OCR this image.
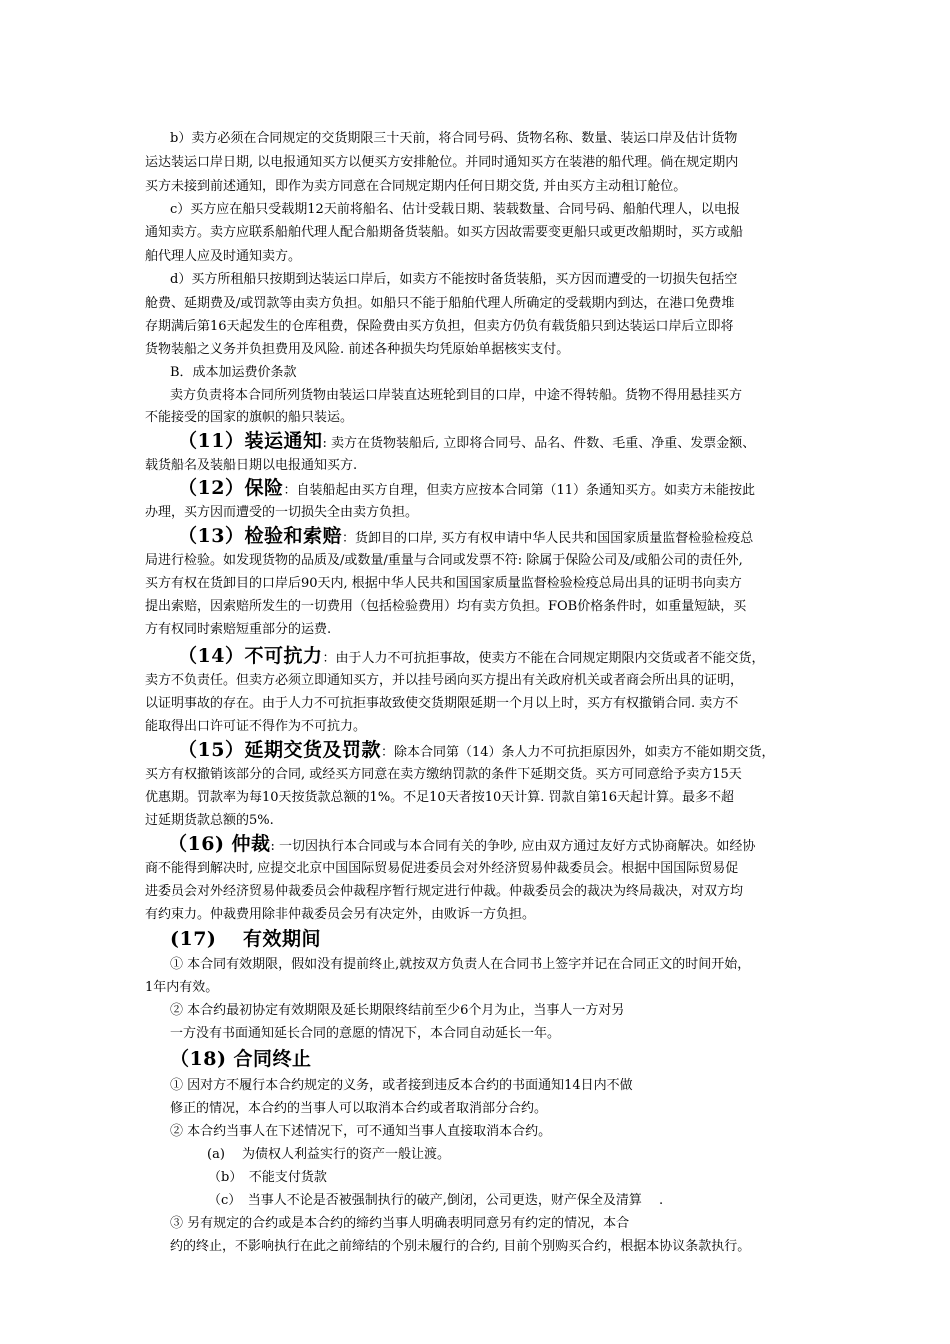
b）卖方必须在合同规定的交货期限三十天前，将合同号码、货物名称、数量、装运口岸及估计货物
运达装运口岸日期, 以电报通知买方以便买方安排舱位。并同时通知买方在装港的船代理。倘在规定期内
买方未接到前述通知，即作为卖方同意在合同规定期内任何日期交货, 并由买方主动租订舱位。
c）买方应在船只受载期12天前将船名、估计受载日期、装载数量、合同号码、船舶代理人，以电报
通知卖方。卖方应联系船舶代理人配合船期备货装船。如买方因故需要变更船只或更改船期时，买方或船
舶代理人应及时通知卖方。
d）买方所租船只按期到达装运口岸后，如卖方不能按时备货装船，买方因而遭受的一切损失包括空
舱费、延期费及/或罚款等由卖方负担。如船只不能于船舶代理人所确定的受载期内到达，在港口免费堆
存期满后第16天起发生的仓库租费，保险费由买方负担，但卖方仍负有载货船只到达装运口岸后立即将
货物装船之义务并负担费用及风险. 前述各种损失均凭原始单据核实支付。
B．成本加运费价条款
卖方负责将本合同所列货物由装运口岸装直达班轮到目的口岸，中途不得转船。货物不得用悬挂买方
不能接受的国家的旗帜的船只装运。
（11）装运通知: 卖方在货物装船后, 立即将合同号、品名、件数、毛重、净重、发票金额、
载货船名及装船日期以电报通知买方.
（12）保险：自装船起由买方自理，但卖方应按本合同第（11）条通知买方。如卖方未能按此
办理，买方因而遭受的一切损失全由卖方负担。
（13）检验和索赔：货卸目的口岸, 买方有权申请中华人民共和国国家质量监督检验检疫总
局进行检验。如发现货物的品质及/或数量/重量与合同或发票不符: 除属于保险公司及/或船公司的责任外,
买方有权在货卸目的口岸后90天内, 根据中华人民共和国国家质量监督检验检疫总局出具的证明书向卖方
提出索赔，因索赔所发生的一切费用（包括检验费用）均有卖方负担。FOB价格条件时，如重量短缺，买
方有权同时索赔短重部分的运费.
（14）不可抗力：由于人力不可抗拒事故，使卖方不能在合同规定期限内交货或者不能交货，
卖方不负责任。但卖方必须立即通知买方，并以挂号函向买方提出有关政府机关或者商会所出具的证明，
以证明事故的存在。由于人力不可抗拒事故致使交货期限延期一个月以上时，买方有权撤销合同. 卖方不
能取得出口许可证不得作为不可抗力。
（15）延期交货及罚款：除本合同第（14）条人力不可抗拒原因外，如卖方不能如期交货，
买方有权撤销该部分的合同, 或经买方同意在卖方缴纳罚款的条件下延期交货。买方可同意给予卖方15天
优惠期。罚款率为每10天按货款总额的1%。不足10天者按10天计算. 罚款自第16天起计算。最多不超
过延期货款总额的5%.
（16) 仲裁: 一切因执行本合同或与本合同有关的争吵, 应由双方通过友好方式协商解决。如经协
商不能得到解决时, 应提交北京中国国际贸易促进委员会对外经济贸易仲裁委员会。根据中国国际贸易促
进委员会对外经济贸易仲裁委员会仲裁程序暂行规定进行仲裁。仲裁委员会的裁决为终局裁决，对双方均
有约束力。仲裁费用除非仲裁委员会另有决定外，由败诉一方负担。
(17)　 有效期间
① 本合同有效期限，假如没有提前终止,就按双方负责人在合同书上签字并记在合同正文的时间开始，
1年内有效。
② 本合约最初协定有效期限及延长期限终结前至少6个月为止，当事人一方对另
一方没有书面通知延长合同的意愿的情况下，本合同自动延长一年。
（18) 合同终止
① 因对方不履行本合约规定的义务，或者接到违反本合约的书面通知14日内不做
修正的情况，本合约的当事人可以取消本合约或者取消部分合约。
② 本合约当事人在下述情况下，可不通知当事人直接取消本合约。
(a)　 为债权人利益实行的资产一般让渡。
（b）　不能支付货款
（c）　当事人不论是否被强制执行的破产,倒闭，公司更迭，财产保全及清算　 .
③ 另有规定的合约或是本合约的缔约当事人明确表明同意另有约定的情况，本合
约的终止，不影响执行在此之前缔结的个别未履行的合约, 目前个别购买合约，根据本协议条款执行。
